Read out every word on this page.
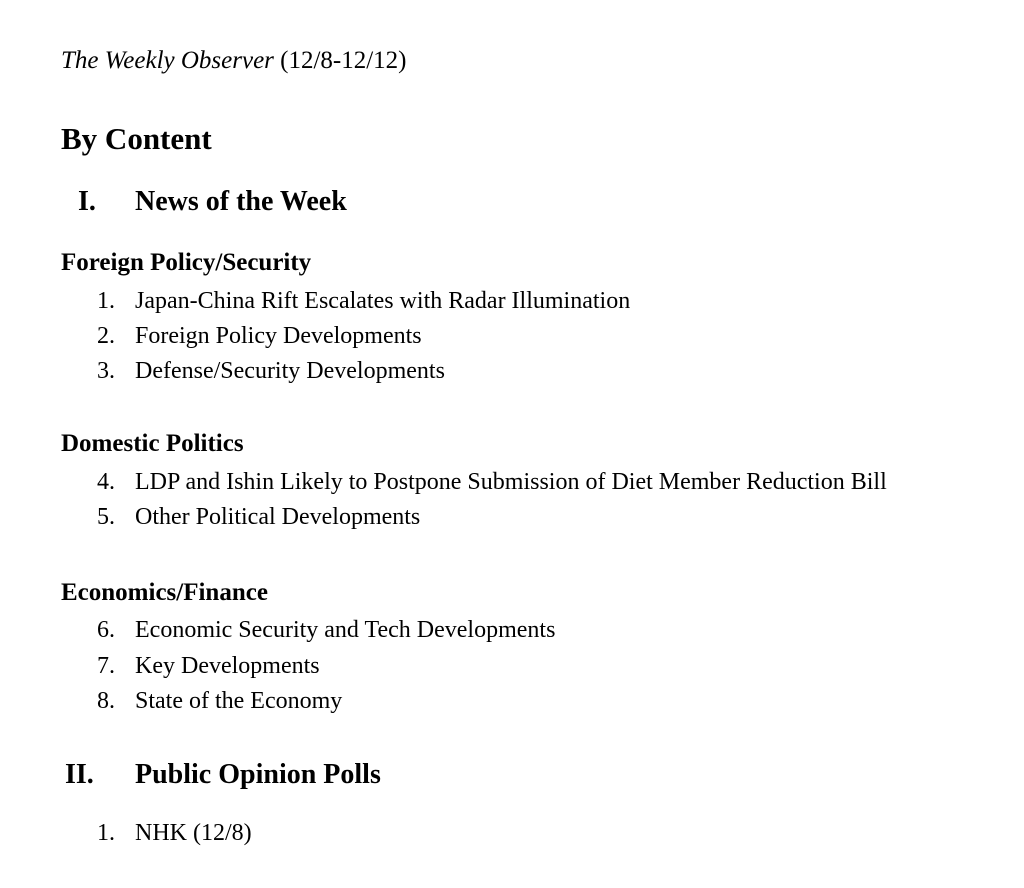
The Weekly Observer (12/8-12/12)
By Content
I. News of the Week
Foreign Policy/Security
1. Japan-China Rift Escalates with Radar Illumination
2. Foreign Policy Developments
3. Defense/Security Developments
Domestic Politics
4. LDP and Ishin Likely to Postpone Submission of Diet Member Reduction Bill
5. Other Political Developments
Economics/Finance
6. Economic Security and Tech Developments
7. Key Developments
8. State of the Economy
II. Public Opinion Polls
1. NHK (12/8)
